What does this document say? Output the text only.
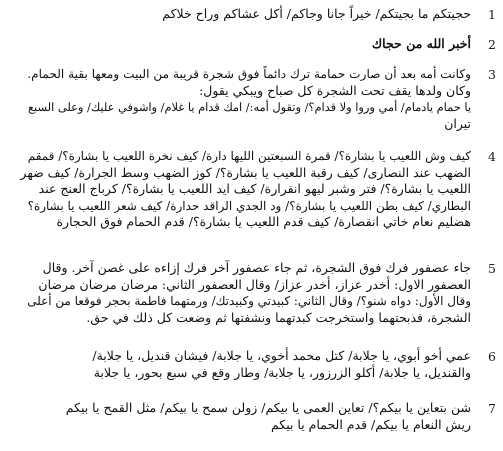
1
حجيتكم ما بجيتكم/ خيراً جانا وجاكم/ أكل عشاكم وراح خلاكم
2
أخبر الله من حجاك
3
وكانت أمه بعد أن صارت حمامة ترك دائماً فوق شجرة قريبة من البيت ومعها بقية الحمام.
وكان ولدها يقف تحت الشجرة كل صباح ويبكي يقول:
يا حمام يادمام/ أمي وروا ولا قدام؟/ وتقول أمه:/ امك قدام يا غلام/ واشوفي عليك/ وعلى السبع
تيران
4
كيف وش اللعيب يا بشارة؟/ قمرة السبعتين الليها دارة/ كيف نخرة اللعيب يا بشارة؟/ قمقم
الضهب عند النصارى/ كيف رقبة اللعيب يا بشارة؟/ كوز الضهب وسط الجرارة/ كيف ضهر
اللعيب يا بشارة؟/ فتر وشبر ليهو انفرارة/ كيف ايد اللعيب يا بشارة؟/ كرباج العنج عند
البطاري/ كيف بطن اللعيب يا بشارة؟/ ود الجدي الراقد حدارة/ كيف شعر اللعيب يا بشارة؟
هضليم نعام خاتي انقصارة/ كيف قدم اللعيب يا بشارة؟/ قدم الحمام فوق الحجارة
5
جاء عصفور فرك فوق الشجرة، ثم جاء عصفور آخر فرك إزاءه على غصن آخر. وقال
العصفور الاول: أخدر عزاز، أخدر عزاز/ وقال العصفور الثاني: مرضان مرضان مرضان
وقال الأول: دواه شنو؟/ وقال الثاني: كبيدتي وكبيدتك/ ورمتهما فاطمة بحجر فوقعا من أعلى
الشجرة، فذبحتهما واستخرجت كبدتهما ونشفتها ثم وضعت كل ذلك في حق.
6
عمي أخو أبوي، يا جلابة/ كتل محمد أخوي، يا جلابة/ فيشان قنديل، يا جلابة/
والقنديل، يا جلابة/ أكلو الزرزور، يا جلابة/ وطار وقع في سبع بحور، يا جلابة
7
شن بتعاين يا بيكم؟/ تعاين العمى يا بيكم/ زولن سمح يا بيكم/ مثل القمح يا بيكم
ريش النعام يا بيكم/ قدم الحمام يا بيكم
